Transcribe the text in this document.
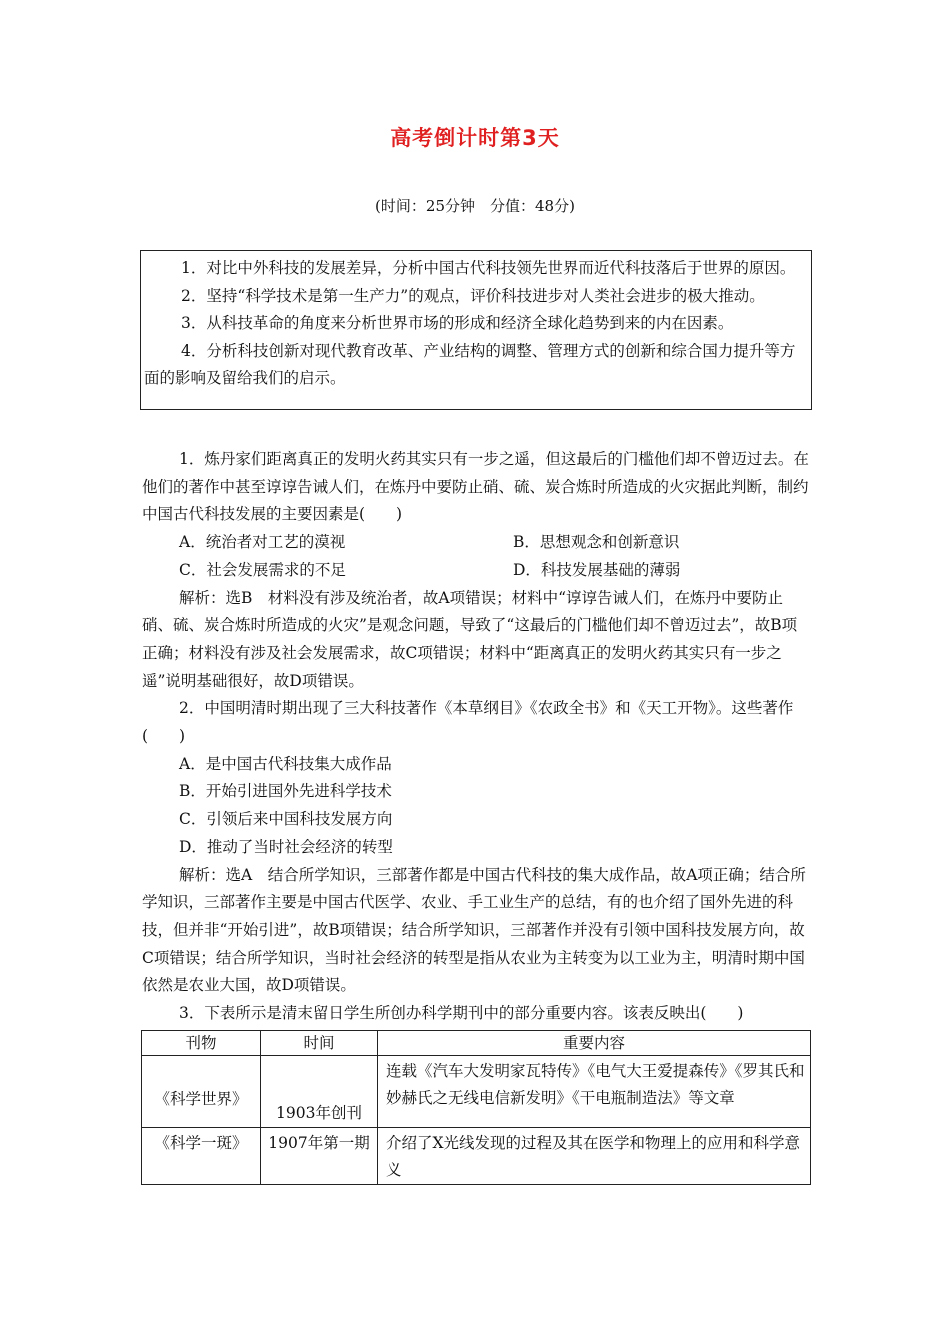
高考倒计时第3天
(时间：25分钟　分值：48分)

1．对比中外科技的发展差异，分析中国古代科技领先世界而近代科技落后于世界的原因。

2．坚持“科学技术是第一生产力”的观点，评价科技进步对人类社会进步的极大推动。

3．从科技革命的角度来分析世界市场的形成和经济全球化趋势到来的内在因素。

4．分析科技创新对现代教育改革、产业结构的调整、管理方式的创新和综合国力提升等方面的影响及留给我们的启示。

1．炼丹家们距离真正的发明火药其实只有一步之遥，但这最后的门槛他们却不曾迈过去。在他们的著作中甚至谆谆告诫人们，在炼丹中要防止硝、硫、炭合炼时所造成的火灾据此判断，制约中国古代科技发展的主要因素是(　　)

A．统治者对工艺的漠视	B．思想观念和创新意识
C．社会发展需求的不足	D．科技发展基础的薄弱

解析：选B　材料没有涉及统治者，故A项错误；材料中“谆谆告诫人们，在炼丹中要防止硝、硫、炭合炼时所造成的火灾”是观念问题，导致了“这最后的门槛他们却不曾迈过去”，故B项正确；材料没有涉及社会发展需求，故C项错误；材料中“距离真正的发明火药其实只有一步之遥”说明基础很好，故D项错误。

2．中国明清时期出现了三大科技著作《本草纲目》《农政全书》和《天工开物》。这些著作(　　)

A．是中国古代科技集大成作品
B．开始引进国外先进科学技术
C．引领后来中国科技发展方向
D．推动了当时社会经济的转型

解析：选A　结合所学知识，三部著作都是中国古代科技的集大成作品，故A项正确；结合所学知识，三部著作主要是中国古代医学、农业、手工业生产的总结，有的也介绍了国外先进的科技，但并非“开始引进”，故B项错误；结合所学知识，三部著作并没有引领中国科技发展方向，故C项错误；结合所学知识，当时社会经济的转型是指从农业为主转变为以工业为主，明清时期中国依然是农业大国，故D项错误。

3．下表所示是清末留日学生所创办科学期刊中的部分重要内容。该表反映出(　　)

刊物	时间	重要内容
《科学世界》	1903年创刊	连载《汽车大发明家瓦特传》《电气大王爱提森传》《罗其氏和妙赫氏之无线电信新发明》《干电瓶制造法》等文章
《科学一斑》	1907年第一期	介绍了X光线发现的过程及其在医学和物理上的应用和科学意义
